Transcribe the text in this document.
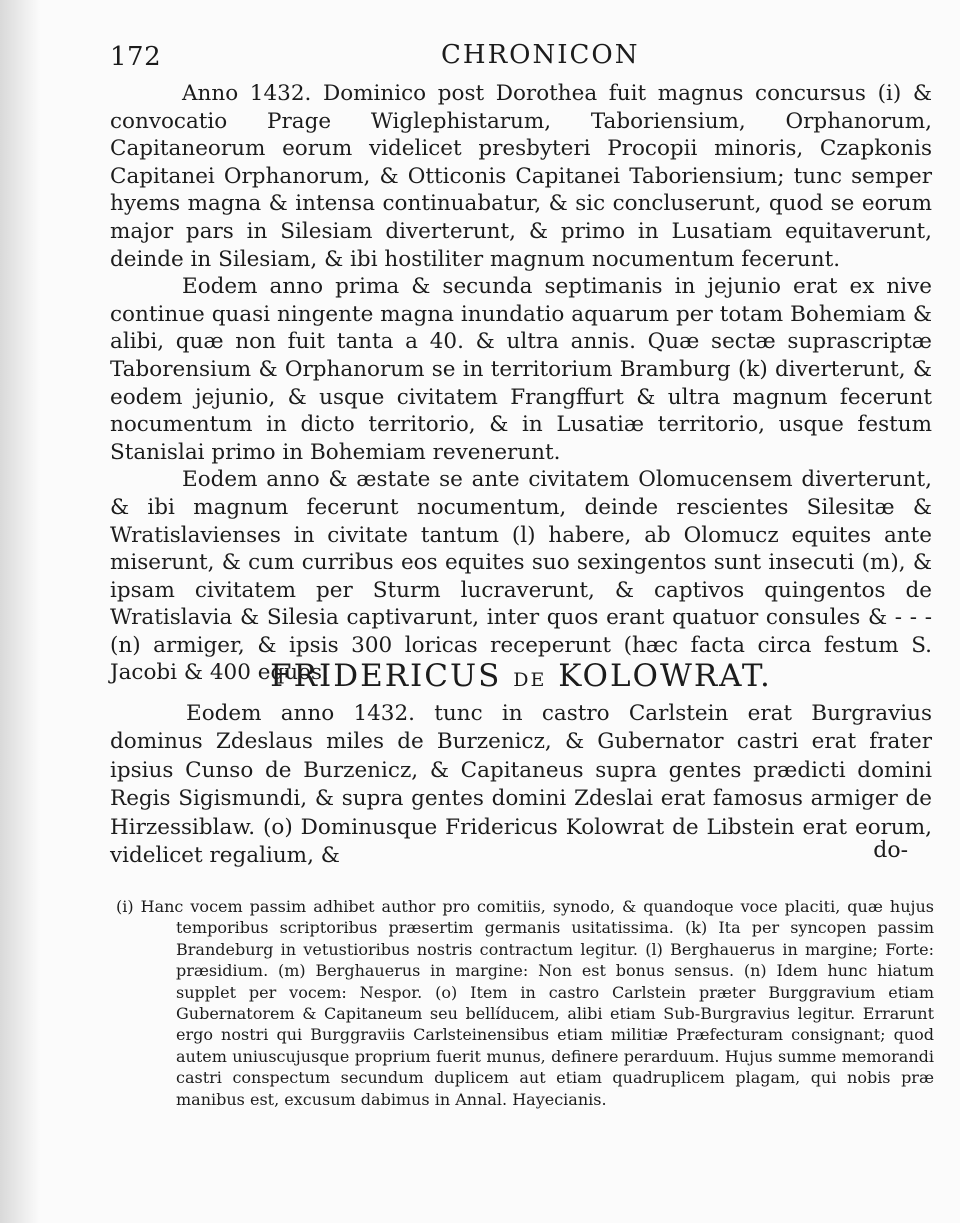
172	CHRONICON

Anno 1432. Dominico post Dorothea fuit magnus concursus (i) & convocatio Prage Wiglephistarum, Taboriensium, Orphanorum, Capitaneorum eorum videlicet presbyteri Procopii minoris, Czapkonis Capitanei Orphanorum, & Otticonis Capitanei Taboriensium; tunc semper hyems magna & intensa continuabatur, & sic concluserunt, quod se eorum major pars in Silesiam diverterunt, & primo in Lusatiam equitaverunt, deinde in Silesiam, & ibi hostiliter magnum nocumentum fecerunt.

Eodem anno prima & secunda septimanis in jejunio erat ex nive continue quasi ningente magna inundatio aquarum per totam Bohemiam & alibi, quæ non fuit tanta a 40. & ultra annis. Quæ sectæ suprascriptæ Taborensium & Orphanorum se in territorium Bramburg (k) diverterunt, & eodem jejunio, & usque civitatem Frangffurt & ultra magnum fecerunt nocumentum in dicto territorio, & in Lusatiæ territorio, usque festum Stanislai primo in Bohemiam revenerunt.

Eodem anno & æstate se ante civitatem Olomucensem diverterunt, & ibi magnum fecerunt nocumentum, deinde rescientes Silesitæ & Wratislavienses in civitate tantum (l) habere, ab Olomucz equites ante miserunt, & cum curribus eos equites suo sexingentos sunt insecuti (m), & ipsam civitatem per Sturm lucraverunt, & captivos quingentos de Wratislavia & Silesia captivarunt, inter quos erant quatuor consules & - - - (n) armiger, & ipsis 300 loricas receperunt (hæc facta circa festum S. Jacobi & 400 equos.

FRIDERICUS DE KOLOWRAT.

Eodem anno 1432. tunc in castro Carlstein erat Burgravius dominus Zdeslaus miles de Burzenicz, & Gubernator castri erat frater ipsius Cunso de Burzenicz, & Capitaneus supra gentes prædicti domini Regis Sigismundi, & supra gentes domini Zdeslai erat famosus armiger de Hirzessiblaw. (o) Dominusque Fridericus Kolowrat de Libstein erat eorum, videlicet regalium, &	do-

(i) Hanc vocem passim adhibet author pro comitiis, synodo, & quandoque voce placiti, quæ hujus temporibus scriptoribus præsertim germanis usitatissima. (k) Ita per syncopen passim Brandeburg in vetustioribus nostris contractum legitur. (l) Berghauerus in margine; Forte: præsidium. (m) Berghauerus in margine: Non est bonus sensus. (n) Idem hunc hiatum supplet per vocem: Nespor. (o) Item in castro Carlstein præter Burggravium etiam Gubernatorem & Capitaneum seu bellíducem, alibi etiam Sub-Burgravius legitur. Errarunt ergo nostri qui Burggraviis Carlsteinensibus etiam militiæ Præfecturam consignant; quod autem uniuscujusque proprium fuerit munus, definere perarduum. Hujus summe memorandi castri conspectum secundum duplicem aut etiam quadruplicem plagam, qui nobis præ manibus est, excusum dabimus in Annal. Hayecianis.
